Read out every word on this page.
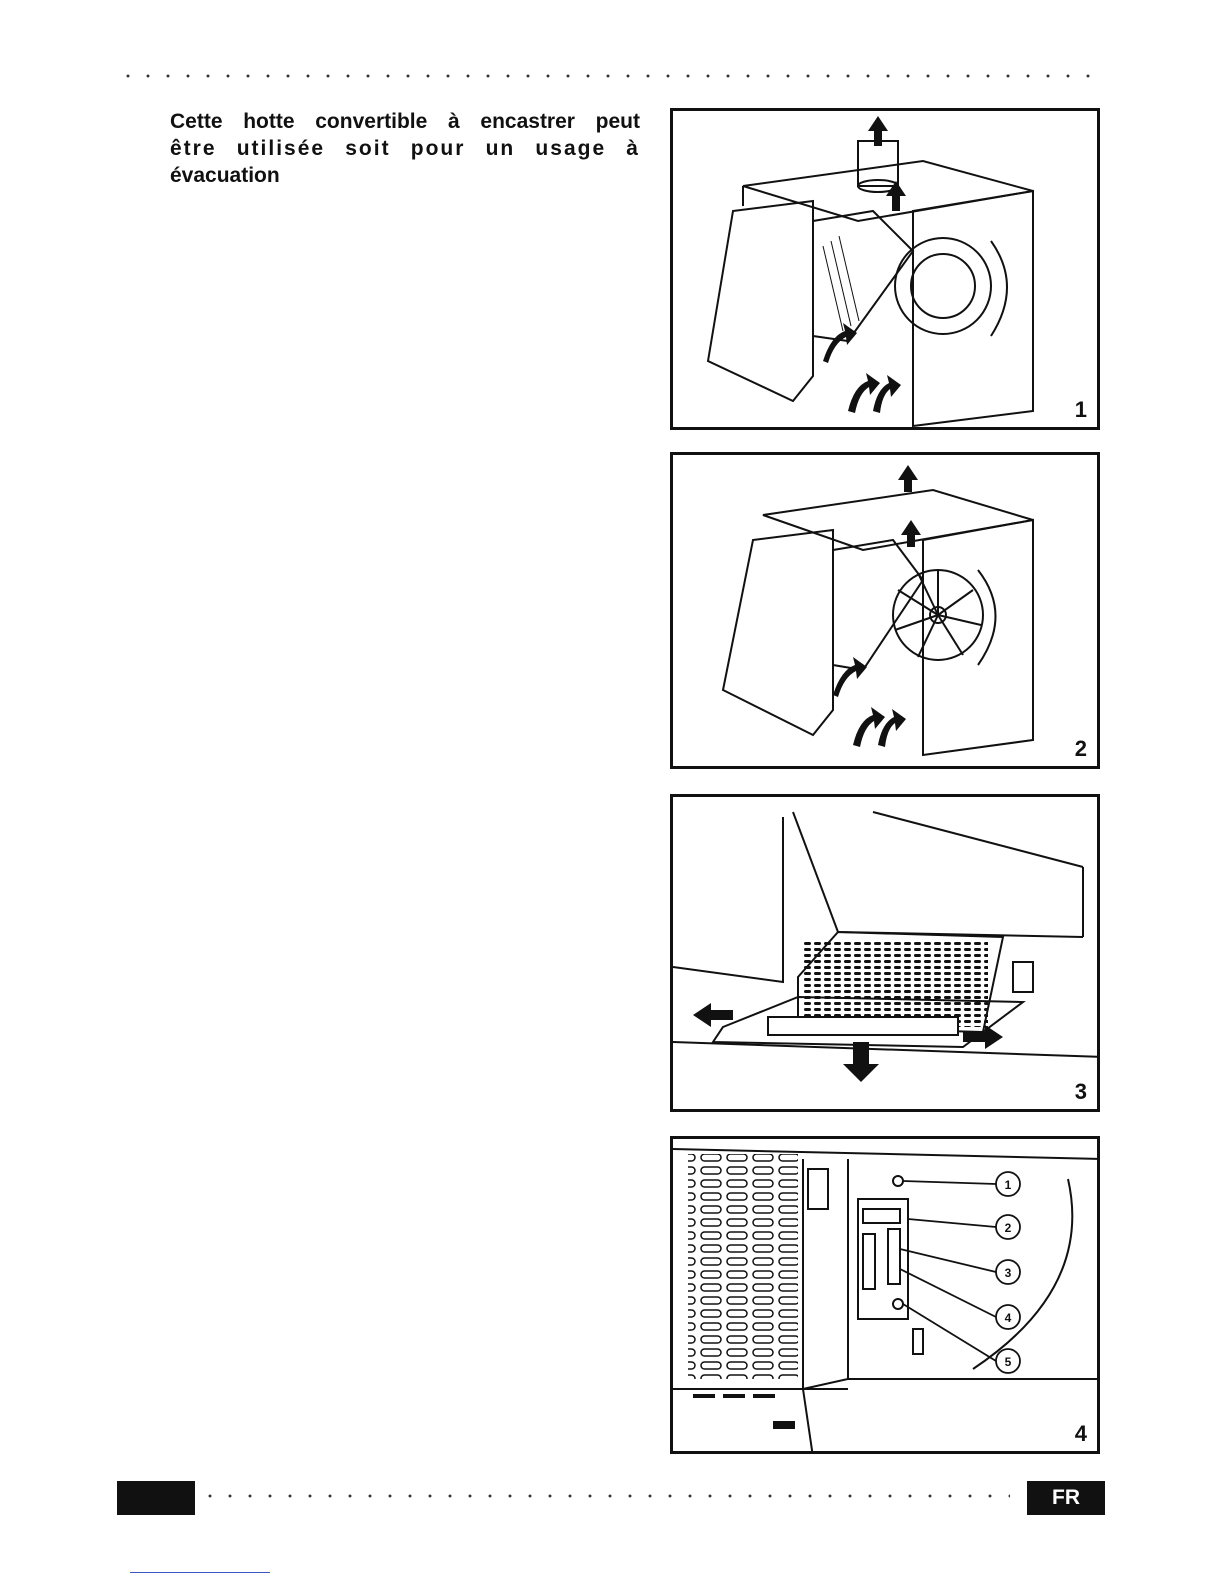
Cette hotte convertible à encastrer peut
être utilisée soit pour un usage à
évacuation
1
2
3
1
2
3
4
5
4
FR
